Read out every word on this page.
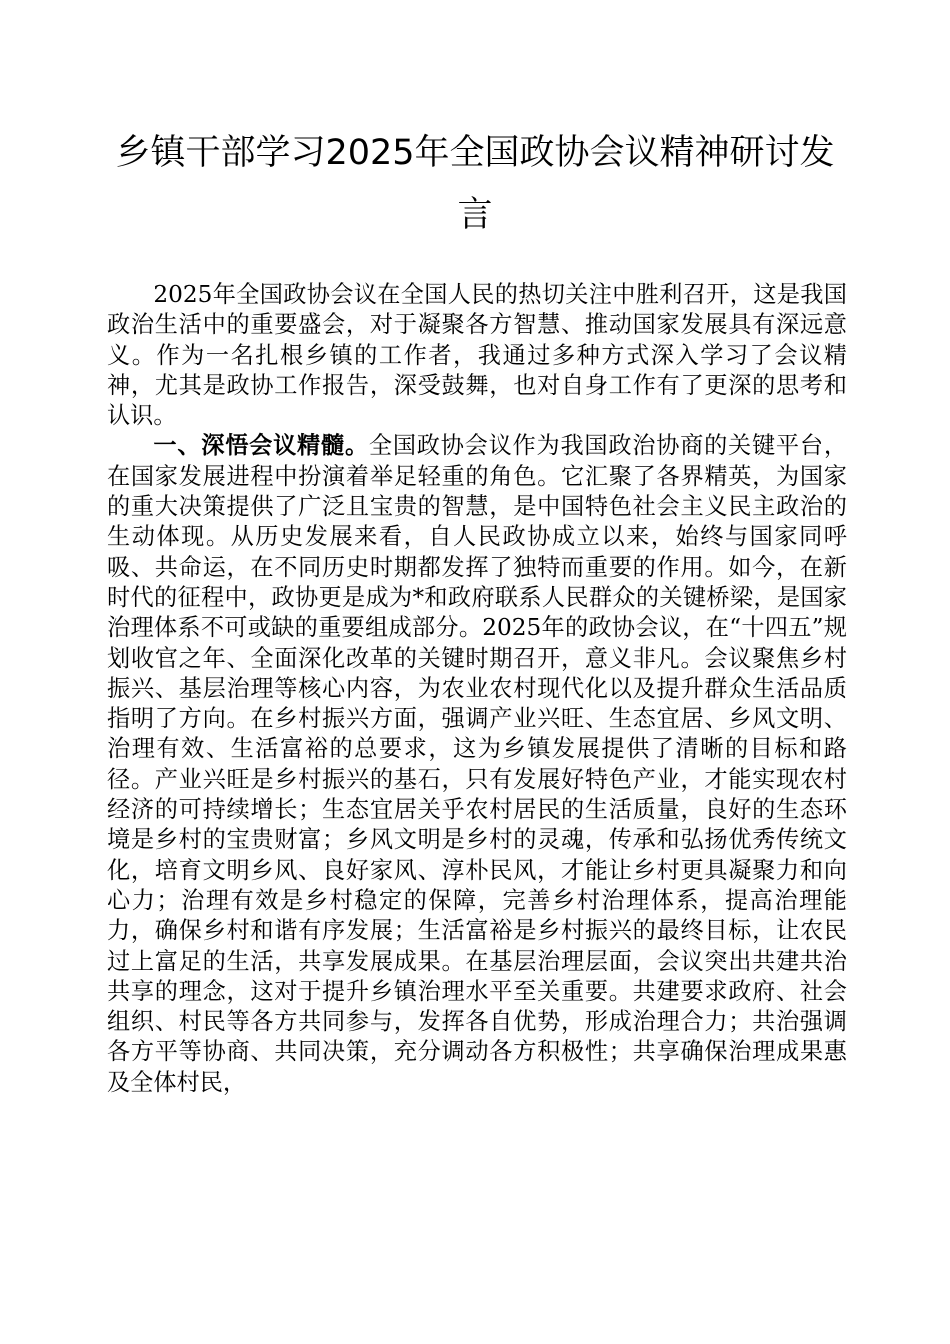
乡镇干部学习2025年全国政协会议精神研讨发言

2025年全国政协会议在全国人民的热切关注中胜利召开，这是我国政治生活中的重要盛会，对于凝聚各方智慧、推动国家发展具有深远意义。作为一名扎根乡镇的工作者，我通过多种方式深入学习了会议精神，尤其是政协工作报告，深受鼓舞，也对自身工作有了更深的思考和认识。

一、深悟会议精髓。全国政协会议作为我国政治协商的关键平台，在国家发展进程中扮演着举足轻重的角色。它汇聚了各界精英，为国家的重大决策提供了广泛且宝贵的智慧，是中国特色社会主义民主政治的生动体现。从历史发展来看，自人民政协成立以来，始终与国家同呼吸、共命运，在不同历史时期都发挥了独特而重要的作用。如今，在新时代的征程中，政协更是成为*和政府联系人民群众的关键桥梁，是国家治理体系不可或缺的重要组成部分。2025年的政协会议，在“十四五”规划收官之年、全面深化改革的关键时期召开，意义非凡。会议聚焦乡村振兴、基层治理等核心内容，为农业农村现代化以及提升群众生活品质指明了方向。在乡村振兴方面，强调产业兴旺、生态宜居、乡风文明、治理有效、生活富裕的总要求，这为乡镇发展提供了清晰的目标和路径。产业兴旺是乡村振兴的基石，只有发展好特色产业，才能实现农村经济的可持续增长；生态宜居关乎农村居民的生活质量，良好的生态环境是乡村的宝贵财富；乡风文明是乡村的灵魂，传承和弘扬优秀传统文化，培育文明乡风、良好家风、淳朴民风，才能让乡村更具凝聚力和向心力；治理有效是乡村稳定的保障，完善乡村治理体系，提高治理能力，确保乡村和谐有序发展；生活富裕是乡村振兴的最终目标，让农民过上富足的生活，共享发展成果。在基层治理层面，会议突出共建共治共享的理念，这对于提升乡镇治理水平至关重要。共建要求政府、社会组织、村民等各方共同参与，发挥各自优势，形成治理合力；共治强调各方平等协商、共同决策，充分调动各方积极性；共享确保治理成果惠及全体村民，
